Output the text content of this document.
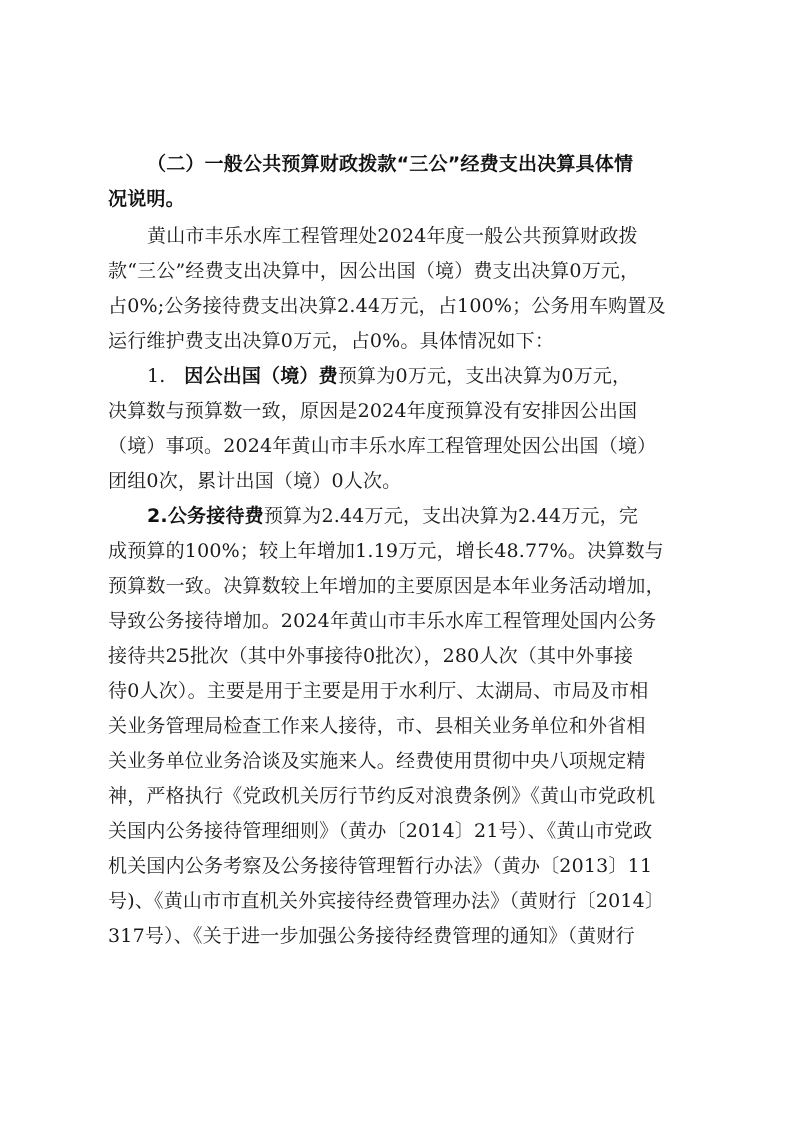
（二）一般公共预算财政拨款“三公”经费支出决算具体情
况说明。
黄山市丰乐水库工程管理处2024年度一般公共预算财政拨
款“三公”经费支出决算中，因公出国（境）费支出决算0万元，
占0%;公务接待费支出决算2.44万元，占100%；公务用车购置及
运行维护费支出决算0万元，占0%。具体情况如下：
1. 因公出国（境）费预算为0万元，支出决算为0万元，
决算数与预算数一致，原因是2024年度预算没有安排因公出国
（境）事项。2024年黄山市丰乐水库工程管理处因公出国（境）
团组0次，累计出国（境）0人次。
2.公务接待费预算为2.44万元，支出决算为2.44万元，完
成预算的100%；较上年增加1.19万元，增长48.77%。决算数与
预算数一致。决算数较上年增加的主要原因是本年业务活动增加，
导致公务接待增加。2024年黄山市丰乐水库工程管理处国内公务
接待共25批次（其中外事接待0批次），280人次（其中外事接
待0人次）。主要是用于主要是用于水利厅、太湖局、市局及市相
关业务管理局检查工作来人接待，市、县相关业务单位和外省相
关业务单位业务洽谈及实施来人。经费使用贯彻中央八项规定精
神，严格执行《党政机关厉行节约反对浪费条例》《黄山市党政机
关国内公务接待管理细则》（黄办〔2014〕21号）、《黄山市党政
机关国内公务考察及公务接待管理暂行办法》（黄办〔2013〕11
号)、《黄山市市直机关外宾接待经费管理办法》（黄财行〔2014〕
317号）、《关于进一步加强公务接待经费管理的通知》（黄财行
